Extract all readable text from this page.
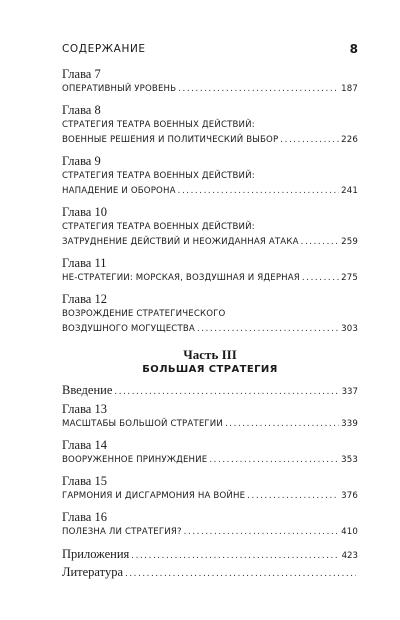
СОДЕРЖАНИЕ	8
Глава 7
ОПЕРАТИВНЫЙ УРОВЕНЬ .....	187
Глава 8
СТРАТЕГИЯ ТЕАТРА ВОЕННЫХ ДЕЙСТВИЙ:
ВОЕННЫЕ РЕШЕНИЯ И ПОЛИТИЧЕСКИЙ ВЫБОР .....	226
Глава 9
СТРАТЕГИЯ ТЕАТРА ВОЕННЫХ ДЕЙСТВИЙ:
НАПАДЕНИЕ И ОБОРОНА .....	241
Глава 10
СТРАТЕГИЯ ТЕАТРА ВОЕННЫХ ДЕЙСТВИЙ:
ЗАТРУДНЕНИЕ ДЕЙСТВИЙ И НЕОЖИДАННАЯ АТАКА .....	259
Глава 11
НЕ-СТРАТЕГИИ: МОРСКАЯ, ВОЗДУШНАЯ И ЯДЕРНАЯ .....	275
Глава 12
ВОЗРОЖДЕНИЕ СТРАТЕГИЧЕСКОГО
ВОЗДУШНОГО МОГУЩЕСТВА .....	303
Часть III
БОЛЬШАЯ СТРАТЕГИЯ
Введение .....	337
Глава 13
МАСШТАБЫ БОЛЬШОЙ СТРАТЕГИИ .....	339
Глава 14
ВООРУЖЕННОЕ ПРИНУЖДЕНИЕ .....	353
Глава 15
ГАРМОНИЯ И ДИСГАРМОНИЯ НА ВОЙНЕ .....	376
Глава 16
ПОЛЕЗНА ЛИ СТРАТЕГИЯ? .....	410
Приложения .....	423
Литература
.....
